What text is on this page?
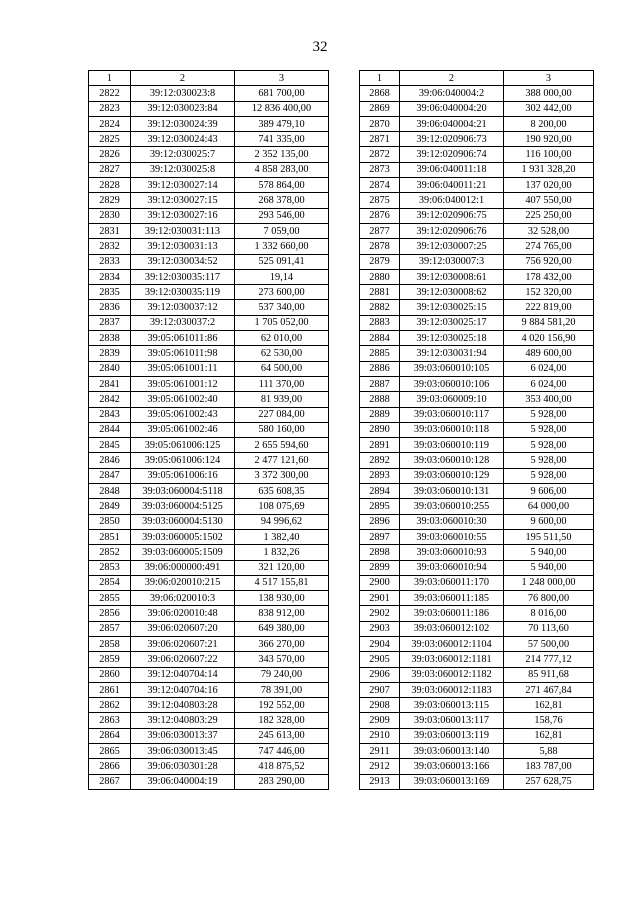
32
1	2	3
2822	39:12:030023:8	681 700,00
2823	39:12:030023:84	12 836 400,00
2824	39:12:030024:39	389 479,10
2825	39:12:030024:43	741 335,00
2826	39:12:030025:7	2 352 135,00
2827	39:12:030025:8	4 858 283,00
2828	39:12:030027:14	578 864,00
2829	39:12:030027:15	268 378,00
2830	39:12:030027:16	293 546,00
2831	39:12:030031:113	7 059,00
2832	39:12:030031:13	1 332 660,00
2833	39:12:030034:52	525 091,41
2834	39:12:030035:117	19,14
2835	39:12:030035:119	273 600,00
2836	39:12:030037:12	537 340,00
2837	39:12:030037:2	1 705 052,00
2838	39:05:061011:86	62 010,00
2839	39:05:061011:98	62 530,00
2840	39:05:061001:11	64 500,00
2841	39:05:061001:12	111 370,00
2842	39:05:061002:40	81 939,00
2843	39:05:061002:43	227 084,00
2844	39:05:061002:46	580 160,00
2845	39:05:061006:125	2 655 594,60
2846	39:05:061006:124	2 477 121,60
2847	39:05:061006:16	3 372 300,00
2848	39:03:060004:5118	635 608,35
2849	39:03:060004:5125	108 075,69
2850	39:03:060004:5130	94 996,62
2851	39:03:060005:1502	1 382,40
2852	39:03:060005:1509	1 832,26
2853	39:06:000000:491	321 120,00
2854	39:06:020010:215	4 517 155,81
2855	39:06:020010:3	138 930,00
2856	39:06:020010:48	838 912,00
2857	39:06:020607:20	649 380,00
2858	39:06:020607:21	366 270,00
2859	39:06:020607:22	343 570,00
2860	39:12:040704:14	79 240,00
2861	39:12:040704:16	78 391,00
2862	39:12:040803:28	192 552,00
2863	39:12:040803:29	182 328,00
2864	39:06:030013:37	245 613,00
2865	39:06:030013:45	747 446,00
2866	39:06:030301:28	418 875,52
2867	39:06:040004:19	283 290,00
1	2	3
2868	39:06:040004:2	388 000,00
2869	39:06:040004:20	302 442,00
2870	39:06:040004:21	8 200,00
2871	39:12:020906:73	190 920,00
2872	39:12:020906:74	116 100,00
2873	39:06:040011:18	1 931 328,20
2874	39:06:040011:21	137 020,00
2875	39:06:040012:1	407 550,00
2876	39:12:020906:75	225 250,00
2877	39:12:020906:76	32 528,00
2878	39:12:030007:25	274 765,00
2879	39:12:030007:3	756 920,00
2880	39:12:030008:61	178 432,00
2881	39:12:030008:62	152 320,00
2882	39:12:030025:15	222 819,00
2883	39:12:030025:17	9 884 581,20
2884	39:12:030025:18	4 020 156,90
2885	39:12:030031:94	489 600,00
2886	39:03:060010:105	6 024,00
2887	39:03:060010:106	6 024,00
2888	39:03:060009:10	353 400,00
2889	39:03:060010:117	5 928,00
2890	39:03:060010:118	5 928,00
2891	39:03:060010:119	5 928,00
2892	39:03:060010:128	5 928,00
2893	39:03:060010:129	5 928,00
2894	39:03:060010:131	9 606,00
2895	39:03:060010:255	64 000,00
2896	39:03:060010:30	9 600,00
2897	39:03:060010:55	195 511,50
2898	39:03:060010:93	5 940,00
2899	39:03:060010:94	5 940,00
2900	39:03:060011:170	1 248 000,00
2901	39:03:060011:185	76 800,00
2902	39:03:060011:186	8 016,00
2903	39:03:060012:102	70 113,60
2904	39:03:060012:1104	57 500,00
2905	39:03:060012:1181	214 777,12
2906	39:03:060012:1182	85 911,68
2907	39:03:060012:1183	271 467,84
2908	39:03:060013:115	162,81
2909	39:03:060013:117	158,76
2910	39:03:060013:119	162,81
2911	39:03:060013:140	5,88
2912	39:03:060013:166	183 787,00
2913	39:03:060013:169	257 628,75
